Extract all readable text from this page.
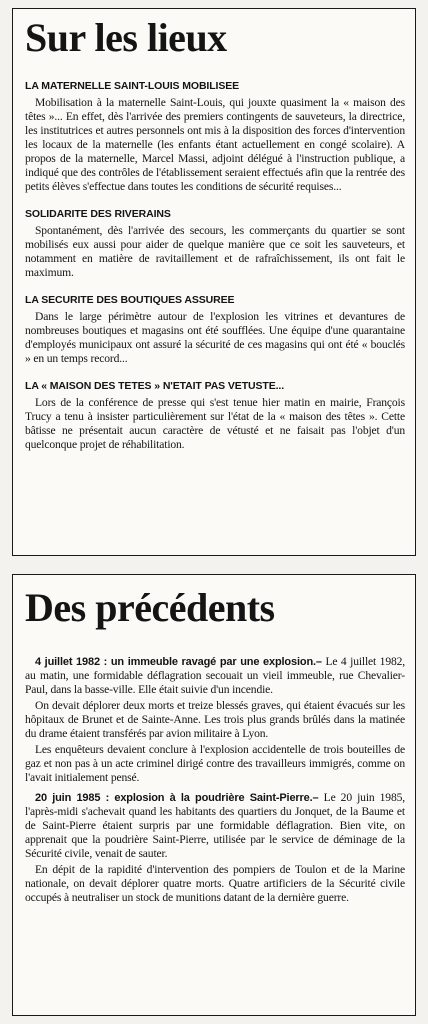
Sur les lieux
LA MATERNELLE SAINT-LOUIS MOBILISEE

Mobilisation à la maternelle Saint-Louis, qui jouxte quasiment la « maison des têtes »... En effet, dès l'arrivée des premiers contingents de sauveteurs, la directrice, les institutrices et autres personnels ont mis à la disposition des forces d'intervention les locaux de la maternelle (les enfants étant actuellement en congé scolaire). A propos de la maternelle, Marcel Massi, adjoint délégué à l'instruction publique, a indiqué que des contrôles de l'établissement seraient effectués afin que la rentrée des petits élèves s'effectue dans toutes les conditions de sécurité requises...

SOLIDARITE DES RIVERAINS

Spontanément, dès l'arrivée des secours, les commerçants du quartier se sont mobilisés eux aussi pour aider de quelque manière que ce soit les sauveteurs, et notamment en matière de ravitaillement et de rafraîchissement, ils ont fait le maximum.

LA SECURITE DES BOUTIQUES ASSUREE

Dans le large périmètre autour de l'explosion les vitrines et devantures de nombreuses boutiques et magasins ont été soufflées. Une équipe d'une quarantaine d'employés municipaux ont assuré la sécurité de ces magasins qui ont été « bouclés » en un temps record...

LA « MAISON DES TETES » N'ETAIT PAS VETUSTE...

Lors de la conférence de presse qui s'est tenue hier matin en mairie, François Trucy a tenu à insister particulièrement sur l'état de la « maison des têtes ». Cette bâtisse ne présentait aucun caractère de vétusté et ne faisait pas l'objet d'un quelconque projet de réhabilitation.

Des précédents

4 juillet 1982 : un immeuble ravagé par une explosion.– Le 4 juillet 1982, au matin, une formidable déflagration secouait un vieil immeuble, rue Chevalier-Paul, dans la basse-ville. Elle était suivie d'un incendie.

On devait déplorer deux morts et treize blessés graves, qui étaient évacués sur les hôpitaux de Brunet et de Sainte-Anne. Les trois plus grands brûlés dans la matinée du drame étaient transférés par avion militaire à Lyon.

Les enquêteurs devaient conclure à l'explosion accidentelle de trois bouteilles de gaz et non pas à un acte criminel dirigé contre des travailleurs immigrés, comme on l'avait initialement pensé.

20 juin 1985 : explosion à la poudrière Saint-Pierre.– Le 20 juin 1985, l'après-midi s'achevait quand les habitants des quartiers du Jonquet, de la Baume et de Saint-Pierre étaient surpris par une formidable déflagration. Bien vite, on apprenait que la poudrière Saint-Pierre, utilisée par le service de déminage de la Sécurité civile, venait de sauter.

En dépit de la rapidité d'intervention des pompiers de Toulon et de la Marine nationale, on devait déplorer quatre morts. Quatre artificiers de la Sécurité civile occupés à neutraliser un stock de munitions datant de la dernière guerre.
